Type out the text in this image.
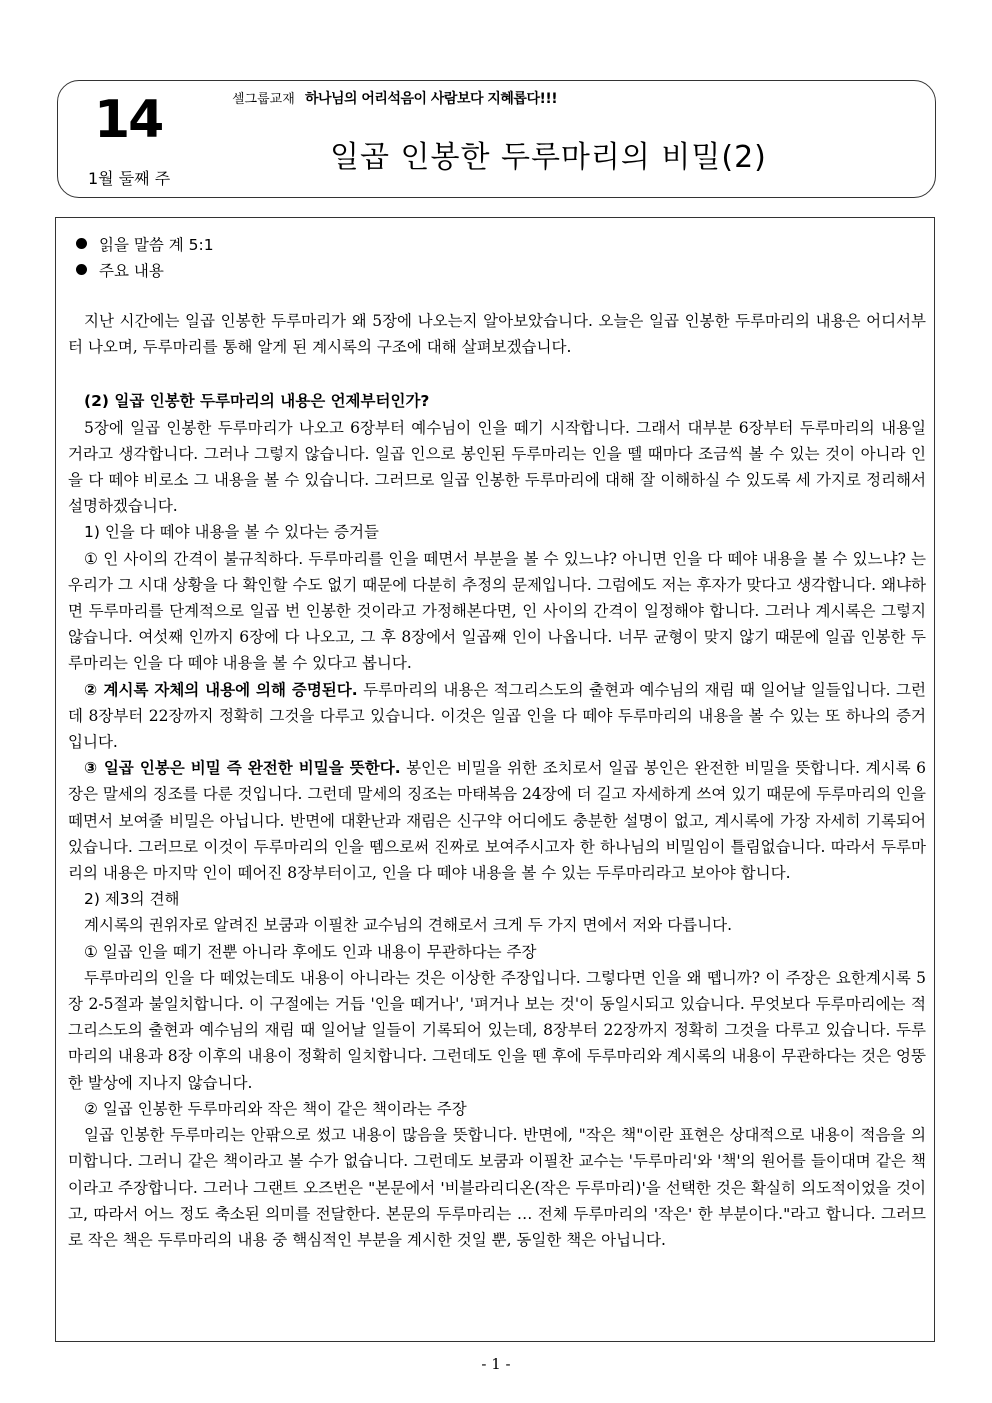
14
1월 둘째 주
셀그룹교재 하나님의 어리석음이 사람보다 지혜롭다!!!
일곱 인봉한 두루마리의 비밀(2)
읽을 말씀 계 5:1
주요 내용

지난 시간에는 일곱 인봉한 두루마리가 왜 5장에 나오는지 알아보았습니다. 오늘은 일곱 인봉한 두루마리의 내용은 어디서부터 나오며, 두루마리를 통해 알게 된 계시록의 구조에 대해 살펴보겠습니다.

(2) 일곱 인봉한 두루마리의 내용은 언제부터인가?

5장에 일곱 인봉한 두루마리가 나오고 6장부터 예수님이 인을 떼기 시작합니다. 그래서 대부분 6장부터 두루마리의 내용일 거라고 생각합니다. 그러나 그렇지 않습니다. 일곱 인으로 봉인된 두루마리는 인을 뗄 때마다 조금씩 볼 수 있는 것이 아니라 인을 다 떼야 비로소 그 내용을 볼 수 있습니다. 그러므로 일곱 인봉한 두루마리에 대해 잘 이해하실 수 있도록 세 가지로 정리해서 설명하겠습니다.

1) 인을 다 떼야 내용을 볼 수 있다는 증거들

① 인 사이의 간격이 불규칙하다. 두루마리를 인을 떼면서 부분을 볼 수 있느냐? 아니면 인을 다 떼야 내용을 볼 수 있느냐? 는 우리가 그 시대 상황을 다 확인할 수도 없기 때문에 다분히 추정의 문제입니다. 그럼에도 저는 후자가 맞다고 생각합니다. 왜냐하면 두루마리를 단계적으로 일곱 번 인봉한 것이라고 가정해본다면, 인 사이의 간격이 일정해야 합니다. 그러나 계시록은 그렇지 않습니다. 여섯째 인까지 6장에 다 나오고, 그 후 8장에서 일곱째 인이 나옵니다. 너무 균형이 맞지 않기 때문에 일곱 인봉한 두루마리는 인을 다 떼야 내용을 볼 수 있다고 봅니다.

② 계시록 자체의 내용에 의해 증명된다. 두루마리의 내용은 적그리스도의 출현과 예수님의 재림 때 일어날 일들입니다. 그런데 8장부터 22장까지 정확히 그것을 다루고 있습니다. 이것은 일곱 인을 다 떼야 두루마리의 내용을 볼 수 있는 또 하나의 증거입니다.

③ 일곱 인봉은 비밀 즉 완전한 비밀을 뜻한다. 봉인은 비밀을 위한 조치로서 일곱 봉인은 완전한 비밀을 뜻합니다. 계시록 6장은 말세의 징조를 다룬 것입니다. 그런데 말세의 징조는 마태복음 24장에 더 길고 자세하게 쓰여 있기 때문에 두루마리의 인을 떼면서 보여줄 비밀은 아닙니다. 반면에 대환난과 재림은 신구약 어디에도 충분한 설명이 없고, 계시록에 가장 자세히 기록되어 있습니다. 그러므로 이것이 두루마리의 인을 뗌으로써 진짜로 보여주시고자 한 하나님의 비밀임이 틀림없습니다. 따라서 두루마리의 내용은 마지막 인이 떼어진 8장부터이고, 인을 다 떼야 내용을 볼 수 있는 두루마리라고 보아야 합니다.

2) 제3의 견해

계시록의 권위자로 알려진 보쿰과 이필찬 교수님의 견해로서 크게 두 가지 면에서 저와 다릅니다.

① 일곱 인을 떼기 전뿐 아니라 후에도 인과 내용이 무관하다는 주장

두루마리의 인을 다 떼었는데도 내용이 아니라는 것은 이상한 주장입니다. 그렇다면 인을 왜 뗍니까? 이 주장은 요한계시록 5장 2-5절과 불일치합니다. 이 구절에는 거듭 '인을 떼거나', '펴거나 보는 것'이 동일시되고 있습니다. 무엇보다 두루마리에는 적그리스도의 출현과 예수님의 재림 때 일어날 일들이 기록되어 있는데, 8장부터 22장까지 정확히 그것을 다루고 있습니다. 두루마리의 내용과 8장 이후의 내용이 정확히 일치합니다. 그런데도 인을 뗀 후에 두루마리와 계시록의 내용이 무관하다는 것은 엉뚱한 발상에 지나지 않습니다.

② 일곱 인봉한 두루마리와 작은 책이 같은 책이라는 주장

일곱 인봉한 두루마리는 안팎으로 썼고 내용이 많음을 뜻합니다. 반면에, "작은 책"이란 표현은 상대적으로 내용이 적음을 의미합니다. 그러니 같은 책이라고 볼 수가 없습니다. 그런데도 보쿰과 이필찬 교수는 '두루마리'와 '책'의 원어를 들이대며 같은 책이라고 주장합니다. 그러나 그랜트 오즈번은 "본문에서 '비블라리디온(작은 두루마리)'을 선택한 것은 확실히 의도적이었을 것이고, 따라서 어느 정도 축소된 의미를 전달한다. 본문의 두루마리는 … 전체 두루마리의 '작은' 한 부분이다."라고 합니다. 그러므로 작은 책은 두루마리의 내용 중 핵심적인 부분을 계시한 것일 뿐, 동일한 책은 아닙니다.

- 1 -
